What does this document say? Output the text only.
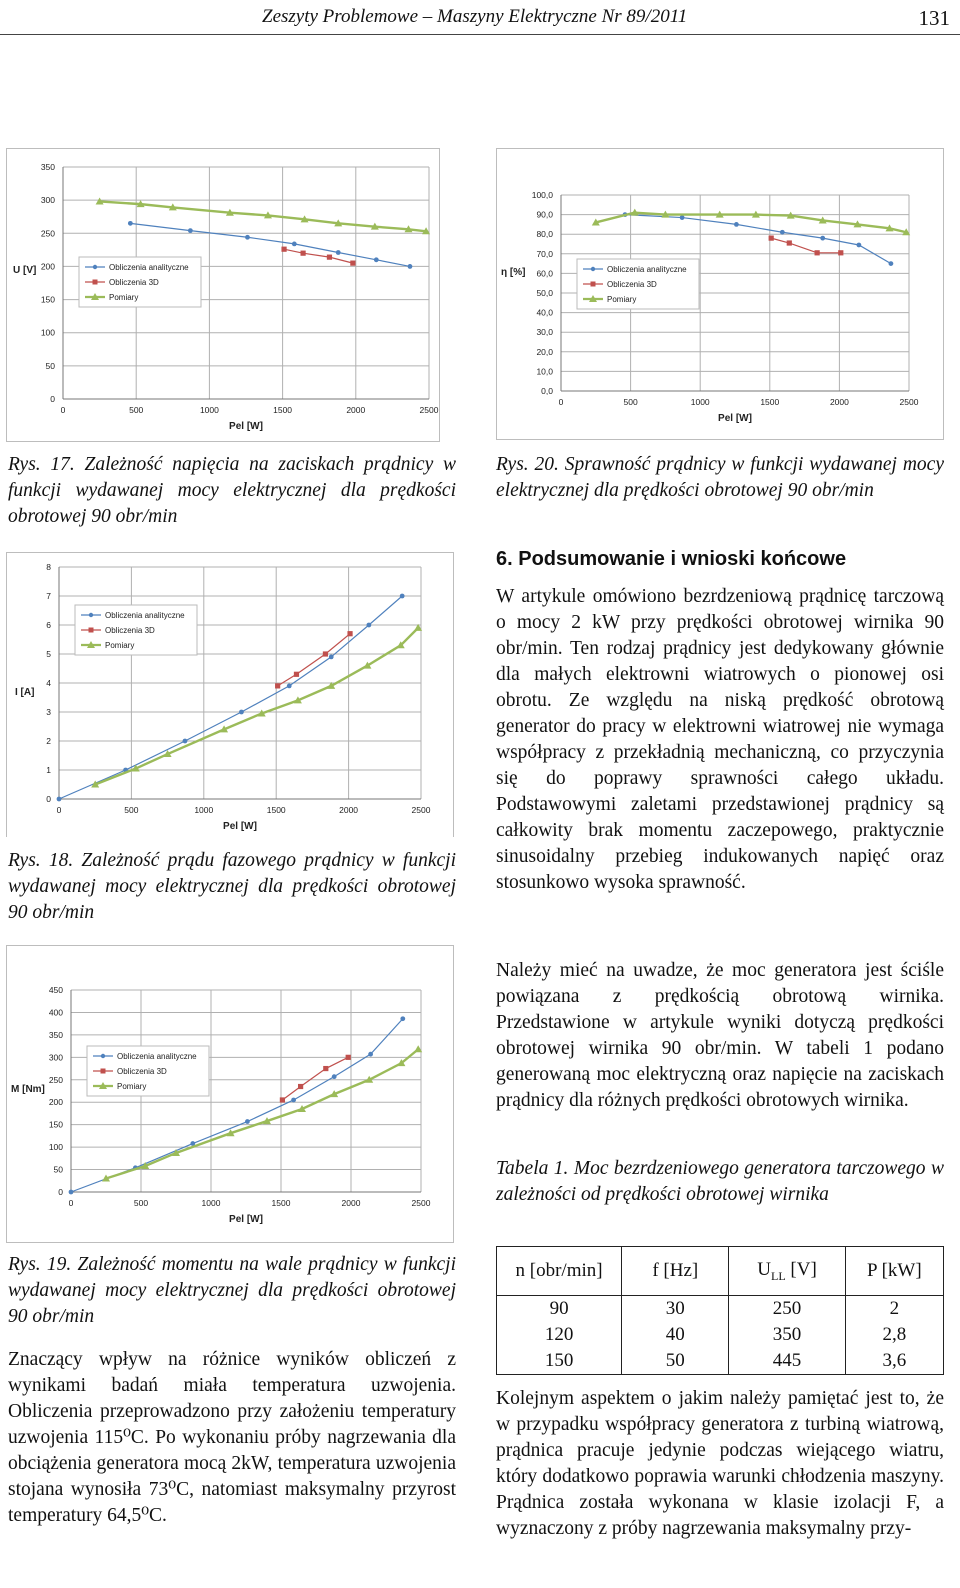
Zeszyty Problemowe – Maszyny Elektryczne Nr 89/2011	131
0	500	1000	1500	2000	2500
0
50
100
150
200
250
300
350
Pel [W]
U [V]	Obliczenia analityczne
Obliczenia 3D
Pomiary
Rys. 17. Zależność napięcia na zaciskach prądnicy w funkcji wydawanej mocy elektrycznej dla prędkości obrotowej 90 obr/min
0	500	1000	1500	2000	2500
0
1
2
3
4
5
6
7
8
Pel [W]
I [A]
Obliczenia analityczne
Obliczenia 3D
Pomiary
Rys. 18. Zależność prądu fazowego prądnicy w funkcji wydawanej mocy elektrycznej dla prędkości obrotowej 90 obr/min
0	500	1000	1500	2000	2500
0
50
100
150
200
250
300
350
400
450
Pel [W]
M [Nm]
Obliczenia analityczne
Obliczenia 3D
Pomiary
Rys. 19. Zależność momentu na wale prądnicy w funkcji wydawanej mocy elektrycznej dla prędkości obrotowej 90 obr/min
Znaczący wpływ na różnice wyników obliczeń z wynikami badań miała temperatura uzwojenia. Obliczenia przeprowadzono przy założeniu temperatury uzwojenia 115⁰C. Po wykonaniu próby nagrzewania dla obciążenia generatora mocą 2kW, temperatura uzwojenia stojana wynosiła 73⁰C, natomiast maksymalny przyrost temperatury 64,5⁰C.
0	500	1000	1500	2000	2500
0,0
10,0
20,0
30,0
40,0
50,0
60,0
70,0
80,0
90,0
100,0
Pel [W]
η [%]	Obliczenia analityczne
Obliczenia 3D
Pomiary
Rys. 20. Sprawność prądnicy w funkcji wydawanej mocy elektrycznej dla prędkości obrotowej 90 obr/min
6. Podsumowanie i wnioski końcowe
W artykule omówiono bezrdzeniową prądnicę tarczową o mocy 2 kW przy prędkości obrotowej wirnika 90 obr/min. Ten rodzaj prądnicy jest dedykowany głównie dla małych elektrowni wiatrowych o pionowej osi obrotu. Ze względu na niską prędkość obrotową generator do pracy w elektrowni wiatrowej nie wymaga współpracy z przekładnią mechaniczną, co przyczynia się do poprawy sprawności całego układu. Podstawowymi zaletami przedstawionej prądnicy są całkowity brak momentu zaczepowego, praktycznie sinusoidalny przebieg indukowanych napięć oraz stosunkowo wysoka sprawność.
Należy mieć na uwadze, że moc generatora jest ściśle powiązana z prędkością obrotową wirnika. Przedstawione w artykule wyniki dotyczą prędkości obrotowej wirnika 90 obr/min. W tabeli 1 podano generowaną moc elektryczną oraz napięcie na zaciskach prądnicy dla różnych prędkości obrotowych wirnika.
Tabela 1. Moc bezrdzeniowego generatora tarczowego w zależności od prędkości obrotowej wirnika
n [obr/min]	f [Hz]	$U_{LL}$ [V]	P [kW]
90	30	250	2
120	40	350	2,8
150	50	445	3,6
Kolejnym aspektem o jakim należy pamiętać jest to, że w przypadku współpracy generatora z turbiną wiatrową, prądnica pracuje jedynie podczas wiejącego wiatru, który dodatkowo poprawia warunki chłodzenia maszyny. Prądnica została wykonana w klasie izolacji F, a wyznaczony z próby nagrzewania maksymalny przy-
